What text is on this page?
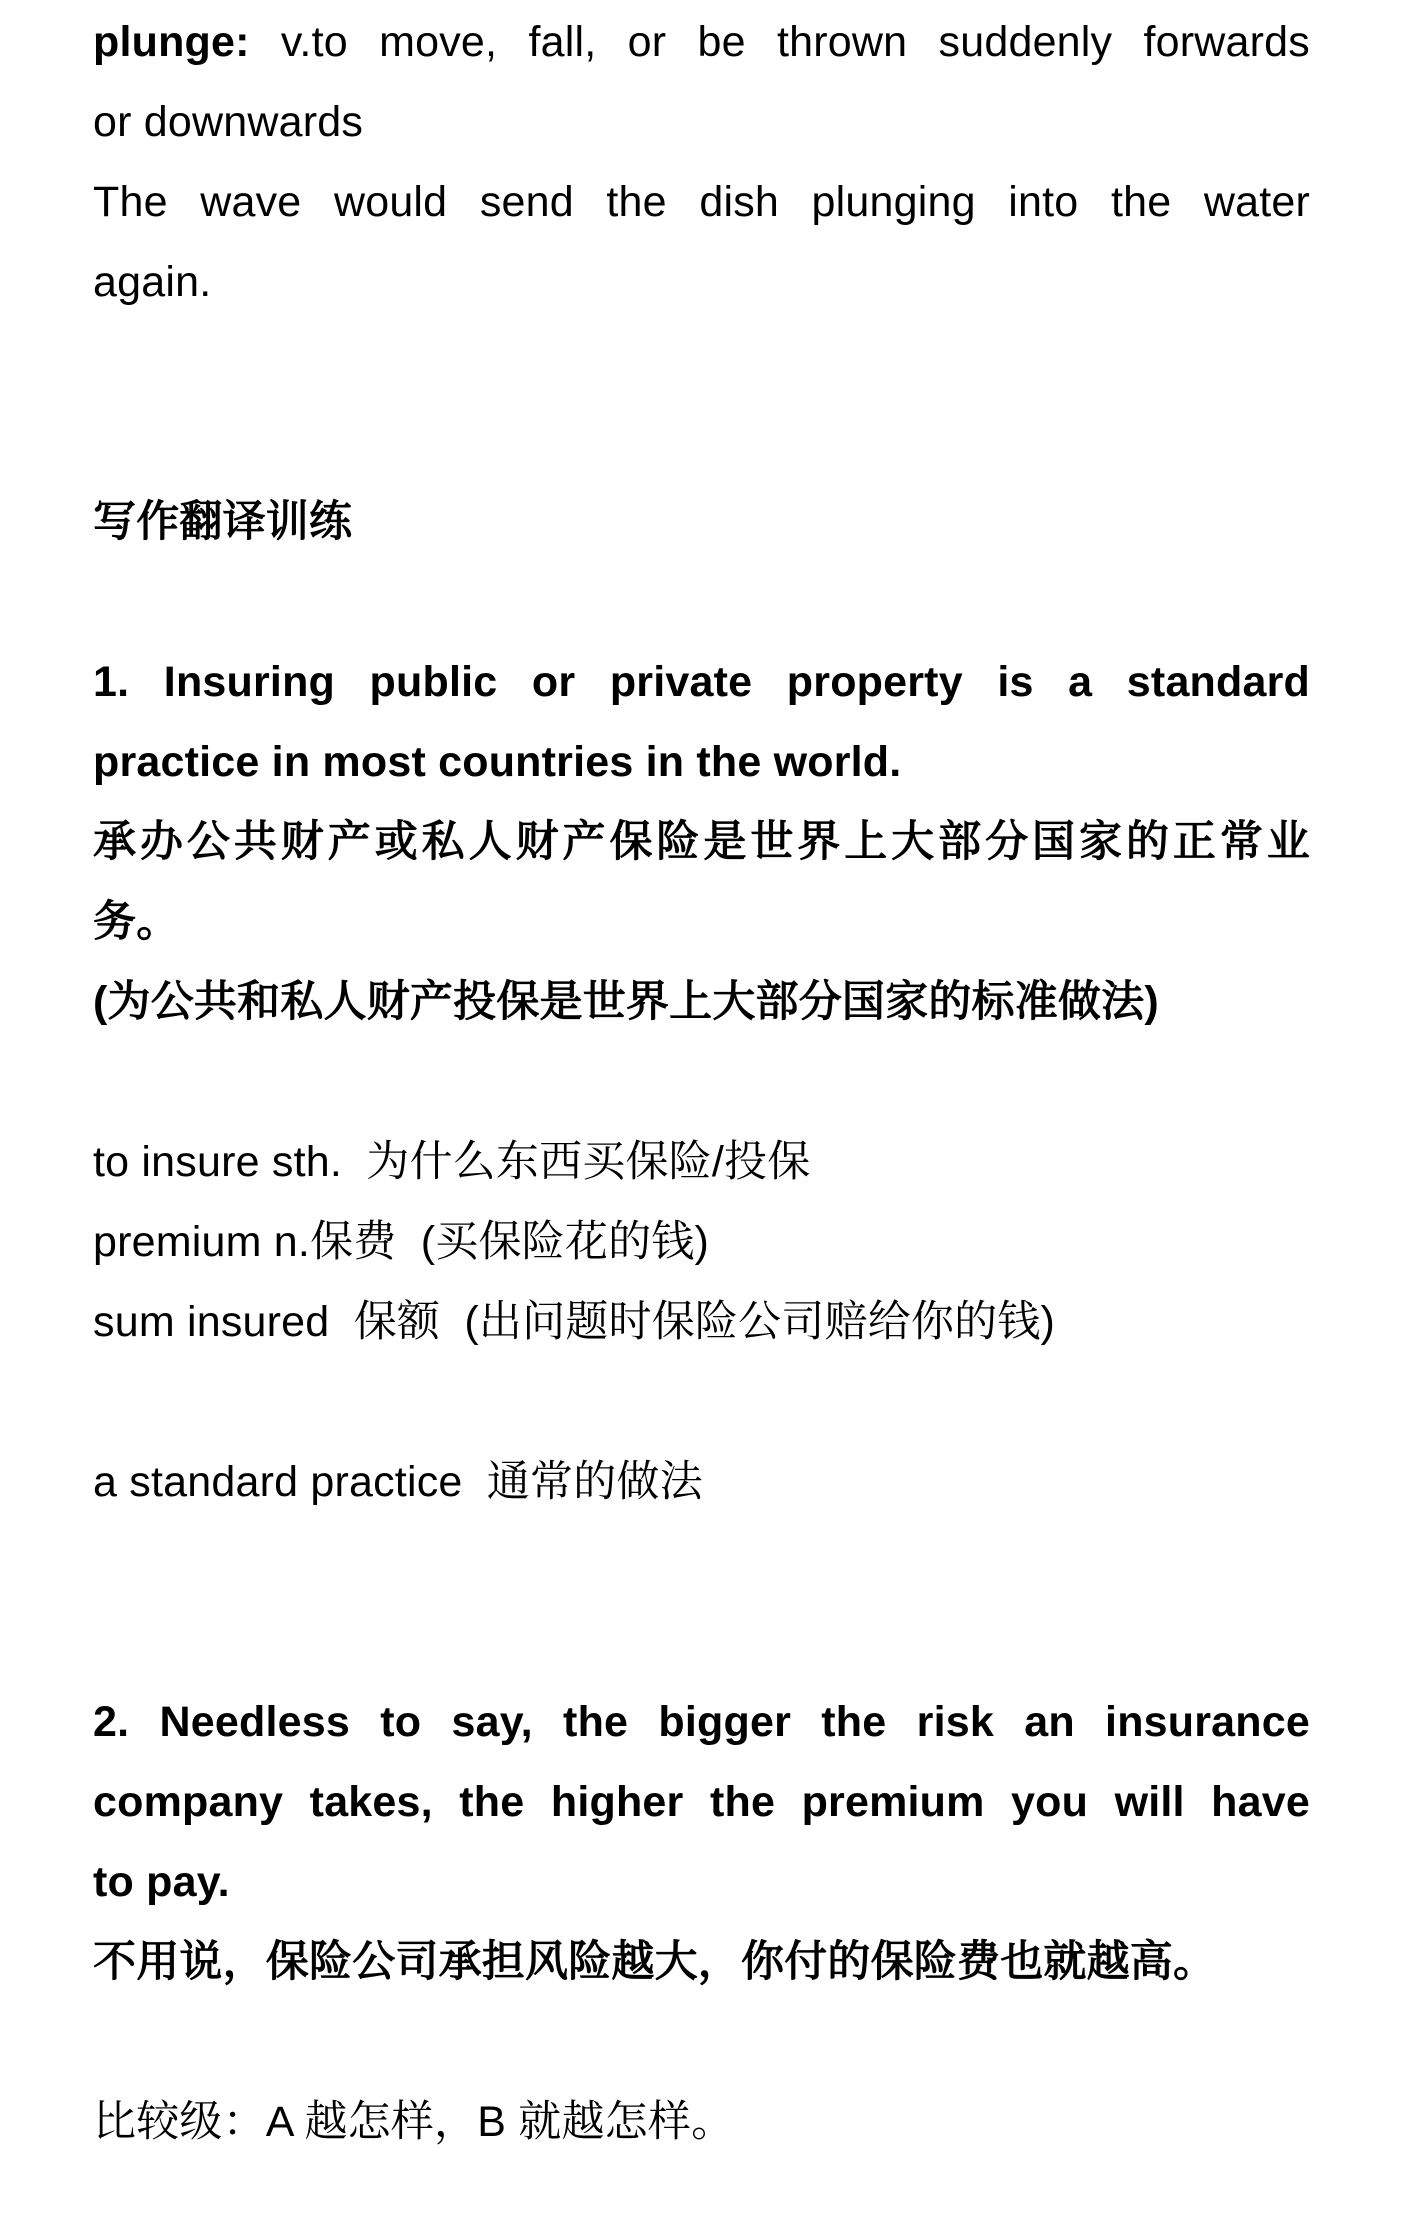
plunge: v.to move, fall, or be thrown suddenly forwards

or downwards

The wave would send the dish plunging into the water

again.

写作翻译训练

1. Insuring public or private property is a standard

practice in most countries in the world.

承办公共财产或私人财产保险是世界上大部分国家的正常业

务。

(为公共和私人财产投保是世界上大部分国家的标准做法)

to insure sth.  为什么东西买保险/投保

premium n.保费  (买保险花的钱)

sum insured  保额  (出问题时保险公司赔给你的钱)

a standard practice  通常的做法

2. Needless to say, the bigger the risk an insurance

company takes, the higher the premium you will have

to pay.

不用说，保险公司承担风险越大，你付的保险费也就越高。

比较级：A 越怎样，B 就越怎样。
